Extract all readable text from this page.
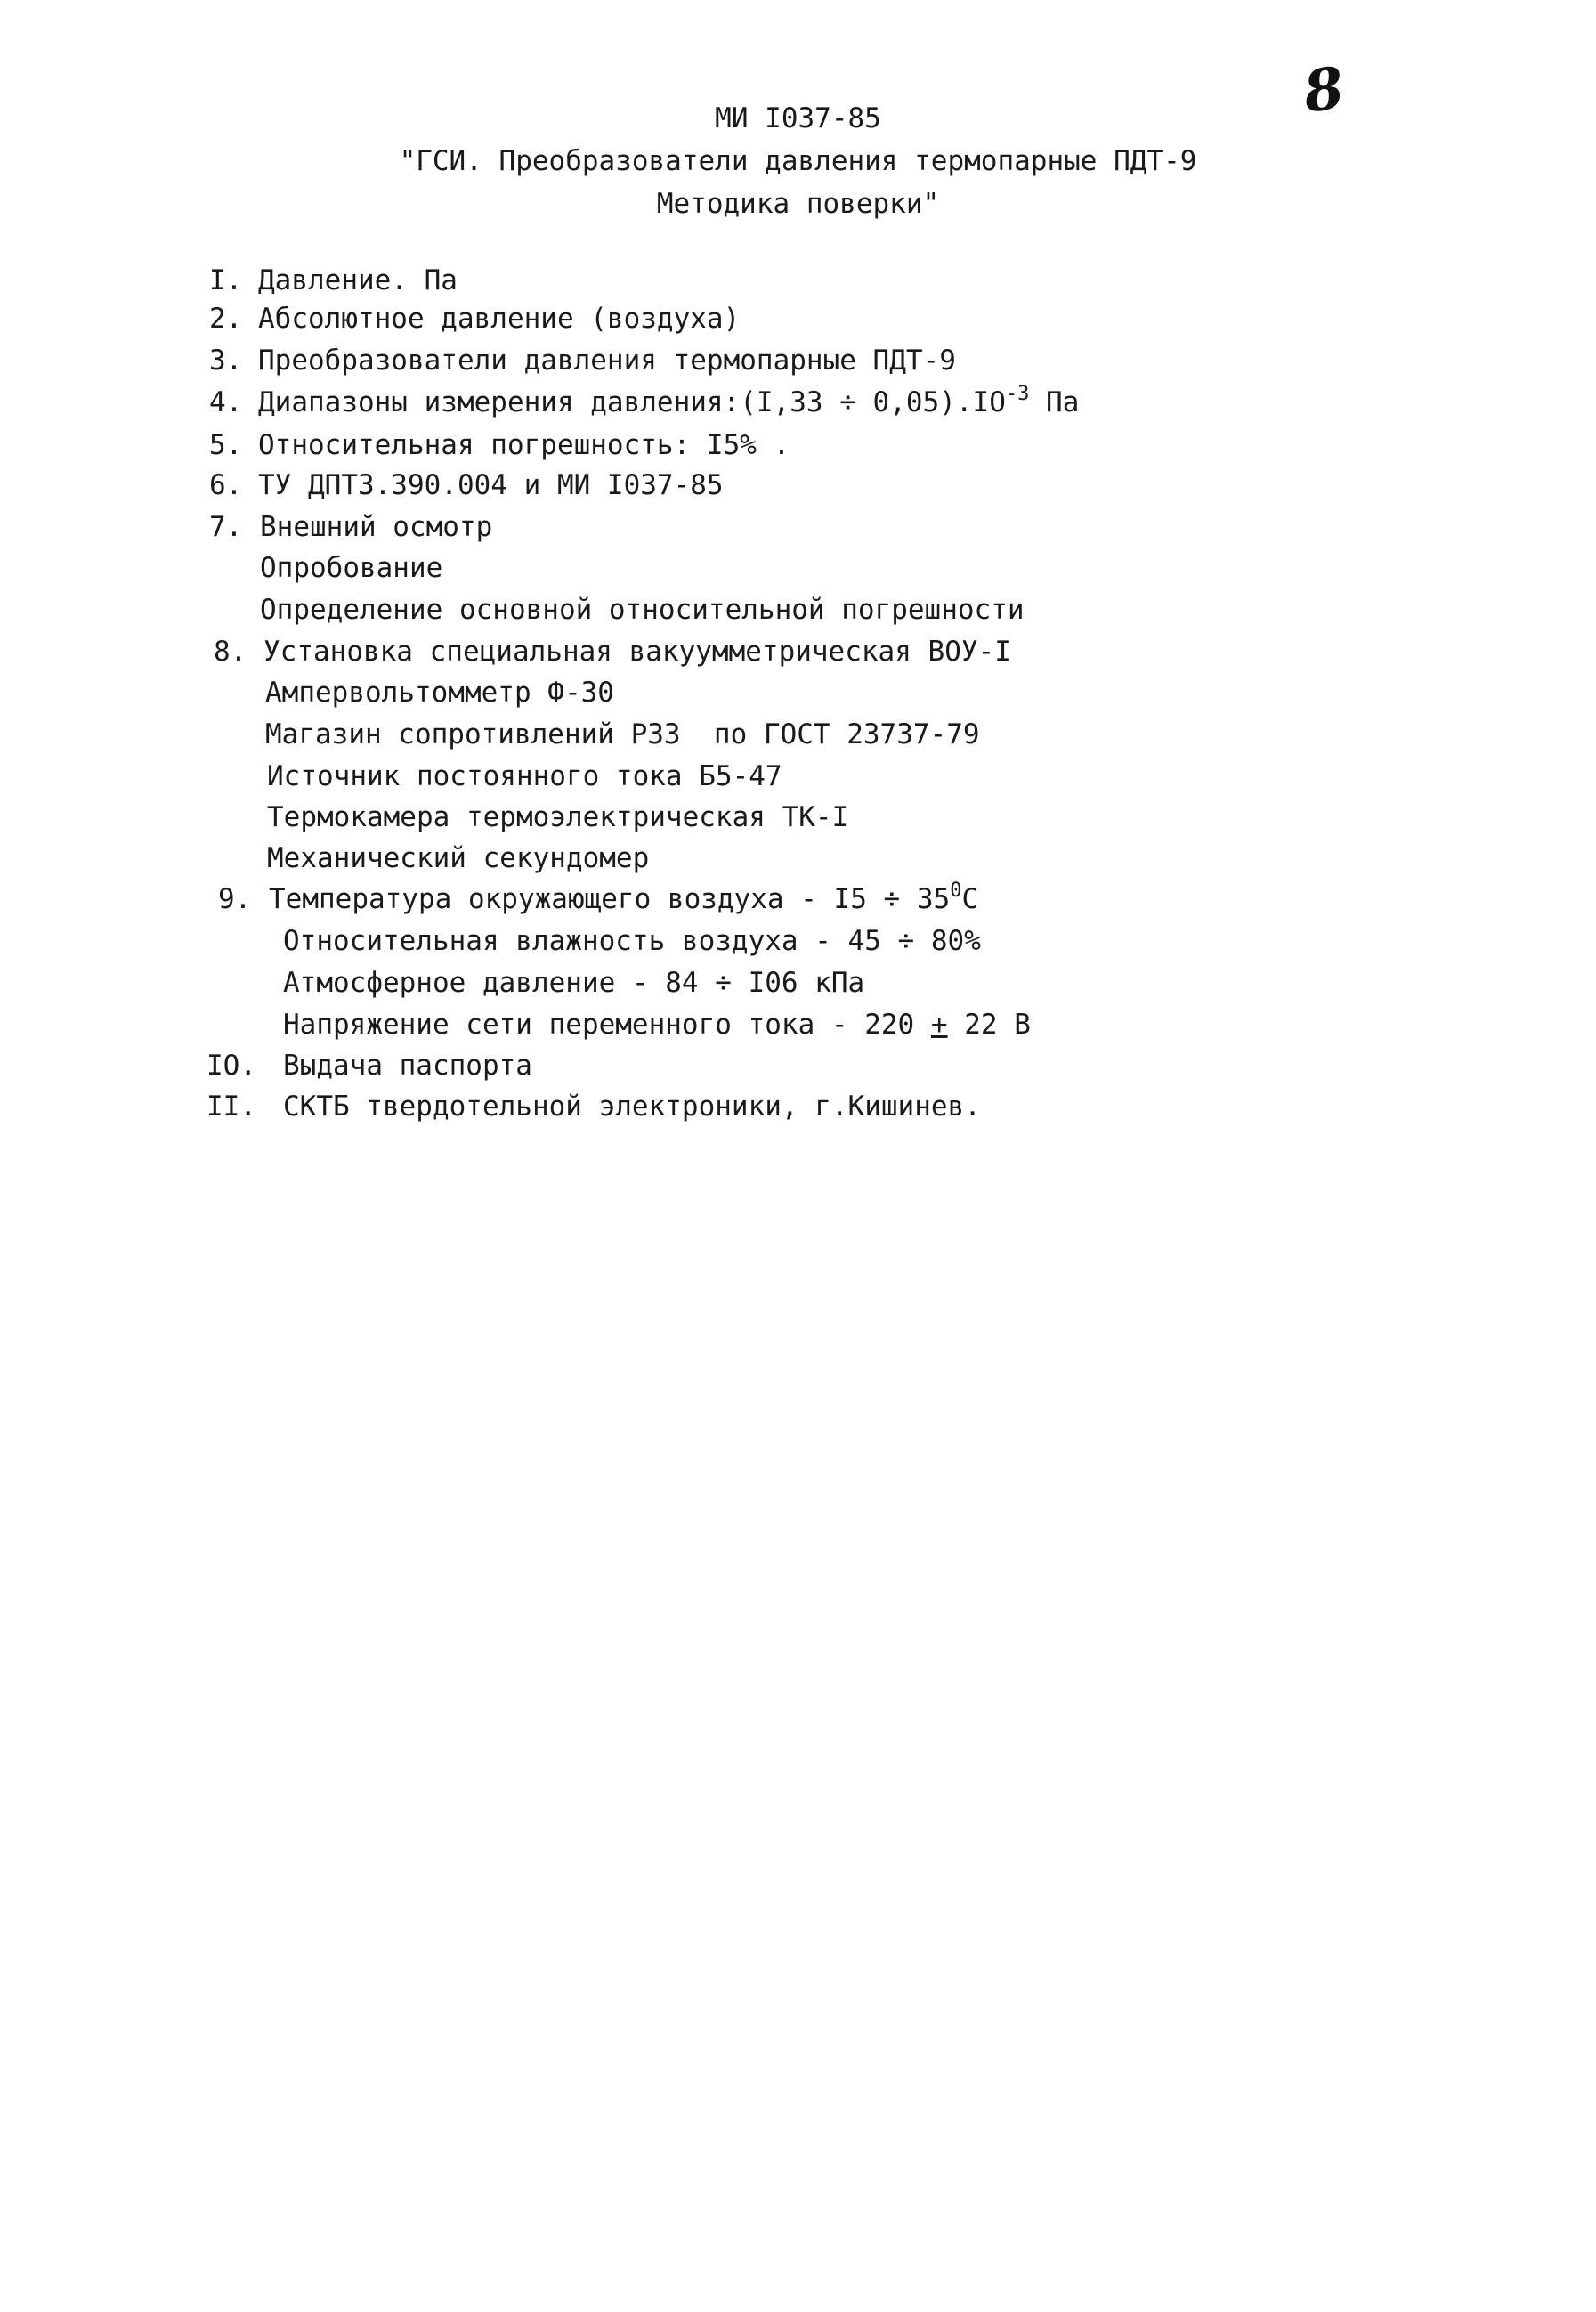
8
МИ I037-85
"ГСИ. Преобразователи давления термопарные ПДТ-9
Методика поверки"
I. Давление. Па
2. Абсолютное давление (воздуха)
3. Преобразователи давления термопарные ПДТ-9
4. Диапазоны измерения давления:(I,33 ÷ $0,05).IO^{-3}$ Па
5. Относительная погрешность: I5% .
6. ТУ ДПТ3.390.004 и МИ I037-85
7. Внешний осмотр
Опробование
Определение основной относительной погрешности
8. Установка специальная вакуумметрическая ВОУ-I
Ампервольтомметр Ф-30
Магазин сопротивлений Р33  по ГОСТ 23737-79
Источник постоянного тока Б5-47
Термокамера термоэлектрическая ТК-I
Механический секундомер
9. Температура окружающего воздуха - $I5 \div 35^0С$
Относительная влажность воздуха - 45 ÷ 80%
Атмосферное давление - 84 ÷ I06 кПа
Напряжение сети переменного тока - 220 + 22 В
IO. Выдача паспорта
II. СКТБ твердотельной электроники, г.Кишинев.
